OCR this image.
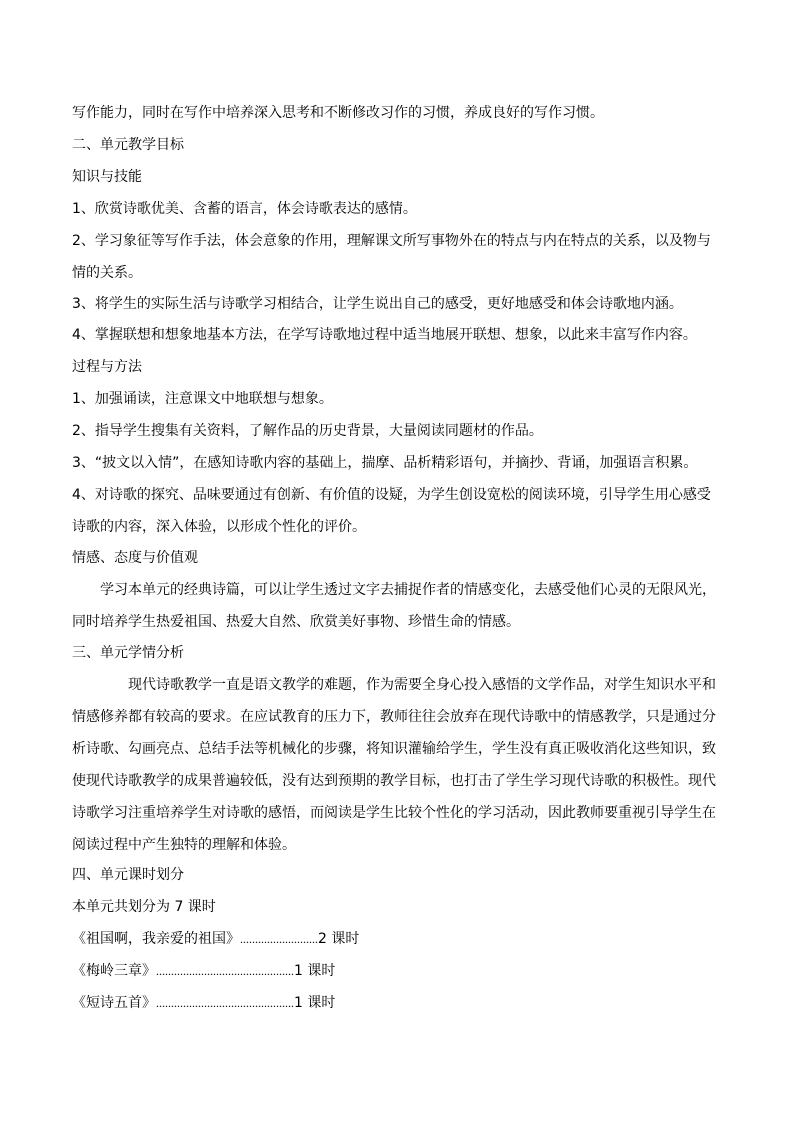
写作能力，同时在写作中培养深入思考和不断修改习作的习惯，养成良好的写作习惯。
二、单元教学目标
知识与技能
1、欣赏诗歌优美、含蓄的语言，体会诗歌表达的感情。
2、学习象征等写作手法，体会意象的作用，理解课文所写事物外在的特点与内在特点的关系，以及物与情的关系。
3、将学生的实际生活与诗歌学习相结合，让学生说出自己的感受，更好地感受和体会诗歌地内涵。
4、掌握联想和想象地基本方法，在学写诗歌地过程中适当地展开联想、想象，以此来丰富写作内容。
过程与方法
1、加强诵读，注意课文中地联想与想象。
2、指导学生搜集有关资料，了解作品的历史背景，大量阅读同题材的作品。
3、“披文以入情”，在感知诗歌内容的基础上，揣摩、品析精彩语句，并摘抄、背诵，加强语言积累。
4、对诗歌的探究、品味要通过有创新、有价值的设疑，为学生创设宽松的阅读环境，引导学生用心感受诗歌的内容，深入体验，以形成个性化的评价。
情感、态度与价值观
学习本单元的经典诗篇，可以让学生透过文字去捕捉作者的情感变化，去感受他们心灵的无限风光，同时培养学生热爱祖国、热爱大自然、欣赏美好事物、珍惜生命的情感。
三、单元学情分析
现代诗歌教学一直是语文教学的难题，作为需要全身心投入感悟的文学作品，对学生知识水平和情感修养都有较高的要求。在应试教育的压力下，教师往往会放弃在现代诗歌中的情感教学，只是通过分析诗歌、勾画亮点、总结手法等机械化的步骤，将知识灌输给学生，学生没有真正吸收消化这些知识，致使现代诗歌教学的成果普遍较低，没有达到预期的教学目标，也打击了学生学习现代诗歌的积极性。现代诗歌学习注重培养学生对诗歌的感悟，而阅读是学生比较个性化的学习活动，因此教师要重视引导学生在阅读过程中产生独特的理解和体验。
四、单元课时划分
本单元共划分为 7 课时
《祖国啊，我亲爱的祖国》 .......................... 2 课时
《梅岭三章》 .............................................. 1 课时
《短诗五首》 .............................................. 1 课时
